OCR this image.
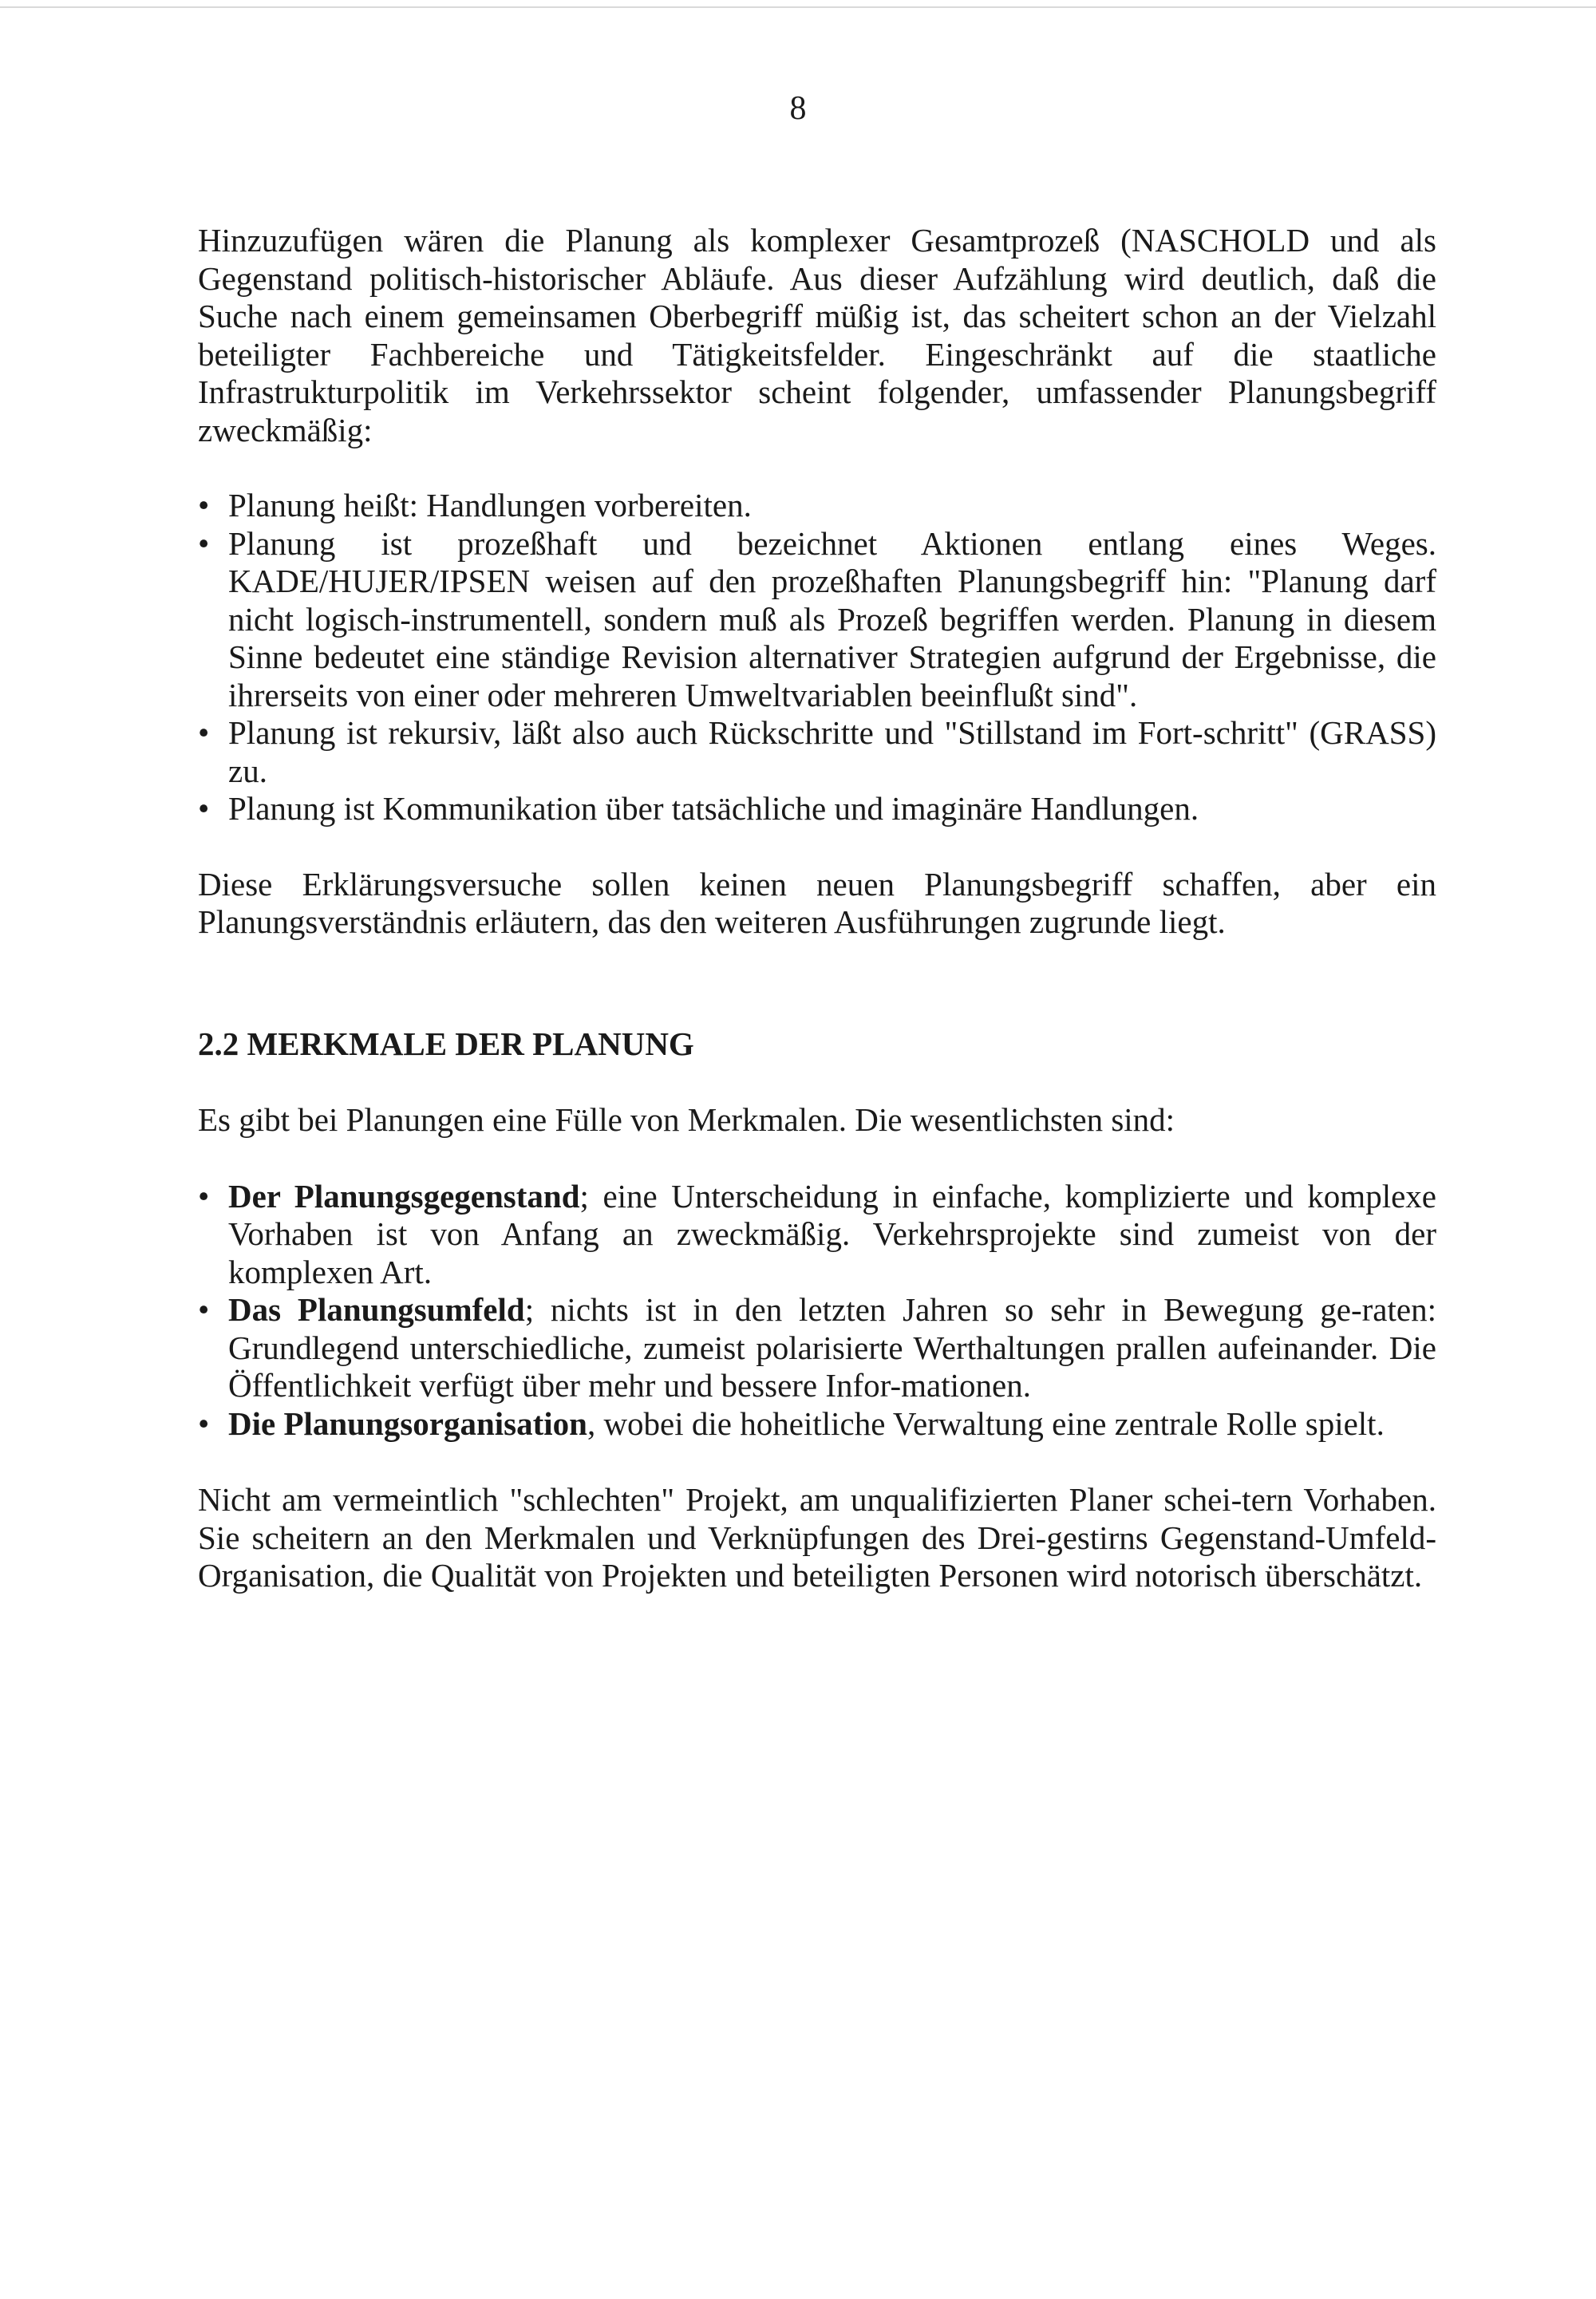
8

Hinzuzufügen wären die Planung als komplexer Gesamtprozeß (NASCHOLD und als Gegenstand politisch-historischer Abläufe. Aus dieser Aufzählung wird deutlich, daß die Suche nach einem gemeinsamen Oberbegriff müßig ist, das scheitert schon an der Vielzahl beteiligter Fachbereiche und Tätigkeitsfelder. Eingeschränkt auf die staatliche Infrastrukturpolitik im Verkehrssektor scheint folgender, umfassender Planungsbegriff zweckmäßig:

• Planung heißt: Handlungen vorbereiten.
• Planung ist prozeßhaft und bezeichnet Aktionen entlang eines Weges. KADE/HUJER/IPSEN weisen auf den prozeßhaften Planungsbegriff hin: "Planung darf nicht logisch-instrumentell, sondern muß als Prozeß begriffen werden. Planung in diesem Sinne bedeutet eine ständige Revision alternativer Strategien aufgrund der Ergebnisse, die ihrerseits von einer oder mehreren Umweltvariablen beeinflußt sind".
• Planung ist rekursiv, läßt also auch Rückschritte und "Stillstand im Fort-schritt" (GRASS) zu.
• Planung ist Kommunikation über tatsächliche und imaginäre Handlungen.

Diese Erklärungsversuche sollen keinen neuen Planungsbegriff schaffen, aber ein Planungsverständnis erläutern, das den weiteren Ausführungen zugrunde liegt.

2.2 MERKMALE DER PLANUNG

Es gibt bei Planungen eine Fülle von Merkmalen. Die wesentlichsten sind:

• Der Planungsgegenstand; eine Unterscheidung in einfache, komplizierte und komplexe Vorhaben ist von Anfang an zweckmäßig. Verkehrsprojekte sind zumeist von der komplexen Art.
• Das Planungsumfeld; nichts ist in den letzten Jahren so sehr in Bewegung ge-raten: Grundlegend unterschiedliche, zumeist polarisierte Werthaltungen prallen aufeinander. Die Öffentlichkeit verfügt über mehr und bessere Infor-mationen.
• Die Planungsorganisation, wobei die hoheitliche Verwaltung eine zentrale Rolle spielt.

Nicht am vermeintlich "schlechten" Projekt, am unqualifizierten Planer schei-tern Vorhaben. Sie scheitern an den Merkmalen und Verknüpfungen des Drei-gestirns Gegenstand-Umfeld-Organisation, die Qualität von Projekten und beteiligten Personen wird notorisch überschätzt.
